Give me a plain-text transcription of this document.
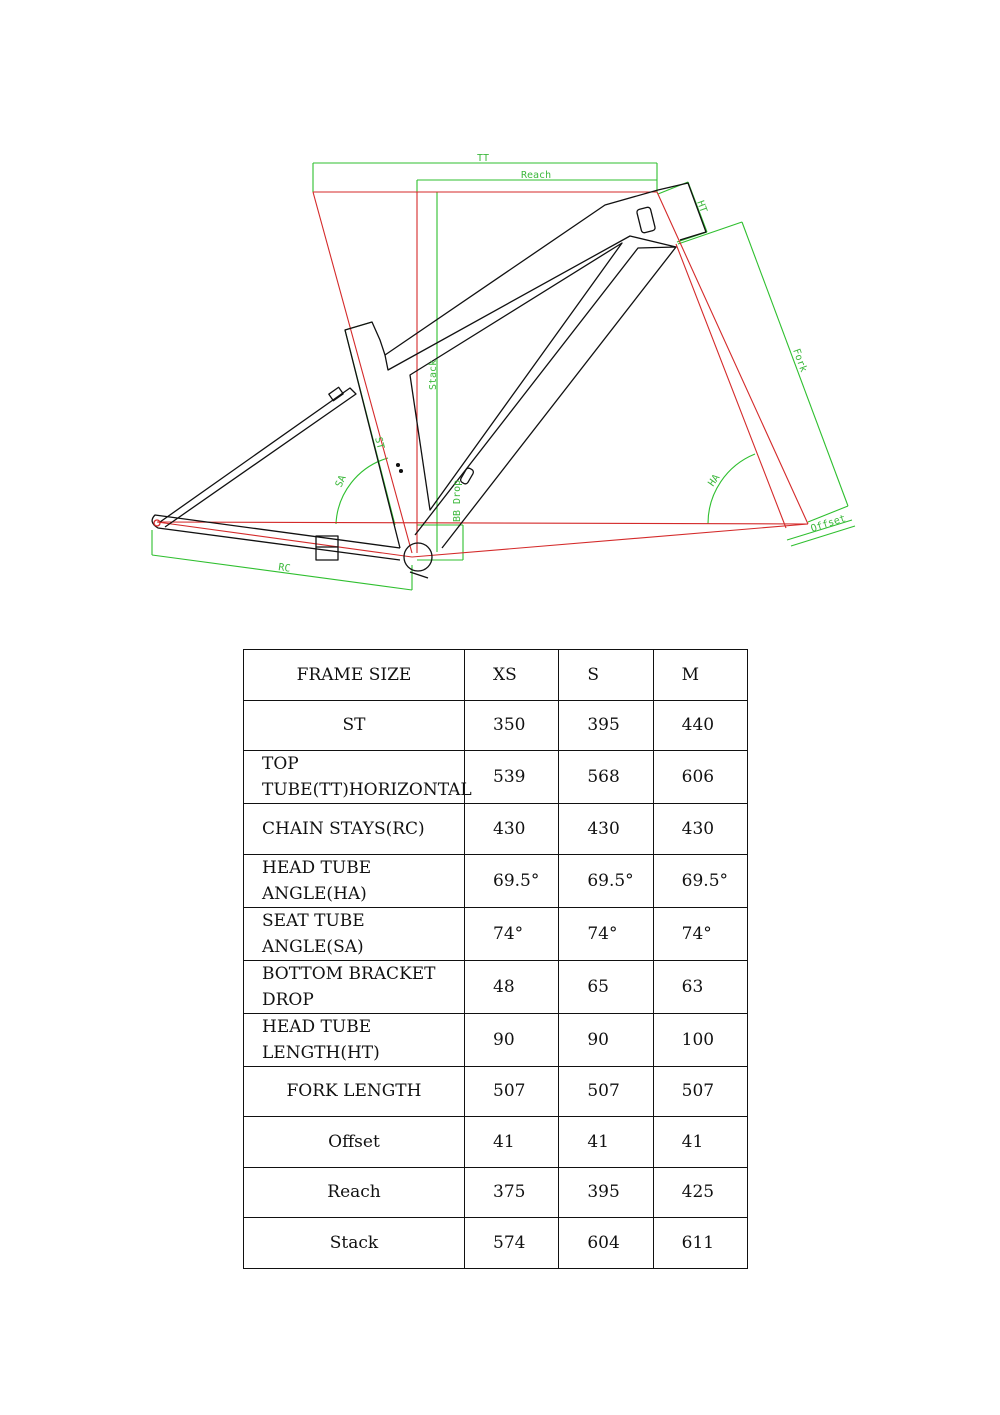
TT
Reach
HT
Fork
Stack
ST
SA	HA
BB Drop
RC
Offset
FRAME SIZE	XS	S	M

ST	350	395	440

TOP
TUBE(TT)HORIZONTAL	539	568	606

CHAIN STAYS(RC)	430	430	430

HEAD TUBE
ANGLE(HA)	69.5°	69.5°	69.5°

SEAT TUBE
ANGLE(SA)	74°	74°	74°

BOTTOM BRACKET
DROP	48	65	63

HEAD TUBE
LENGTH(HT)	90	90	100

FORK LENGTH	507	507	507

Offset	41	41	41

Reach	375	395	425

Stack	574	604	611
